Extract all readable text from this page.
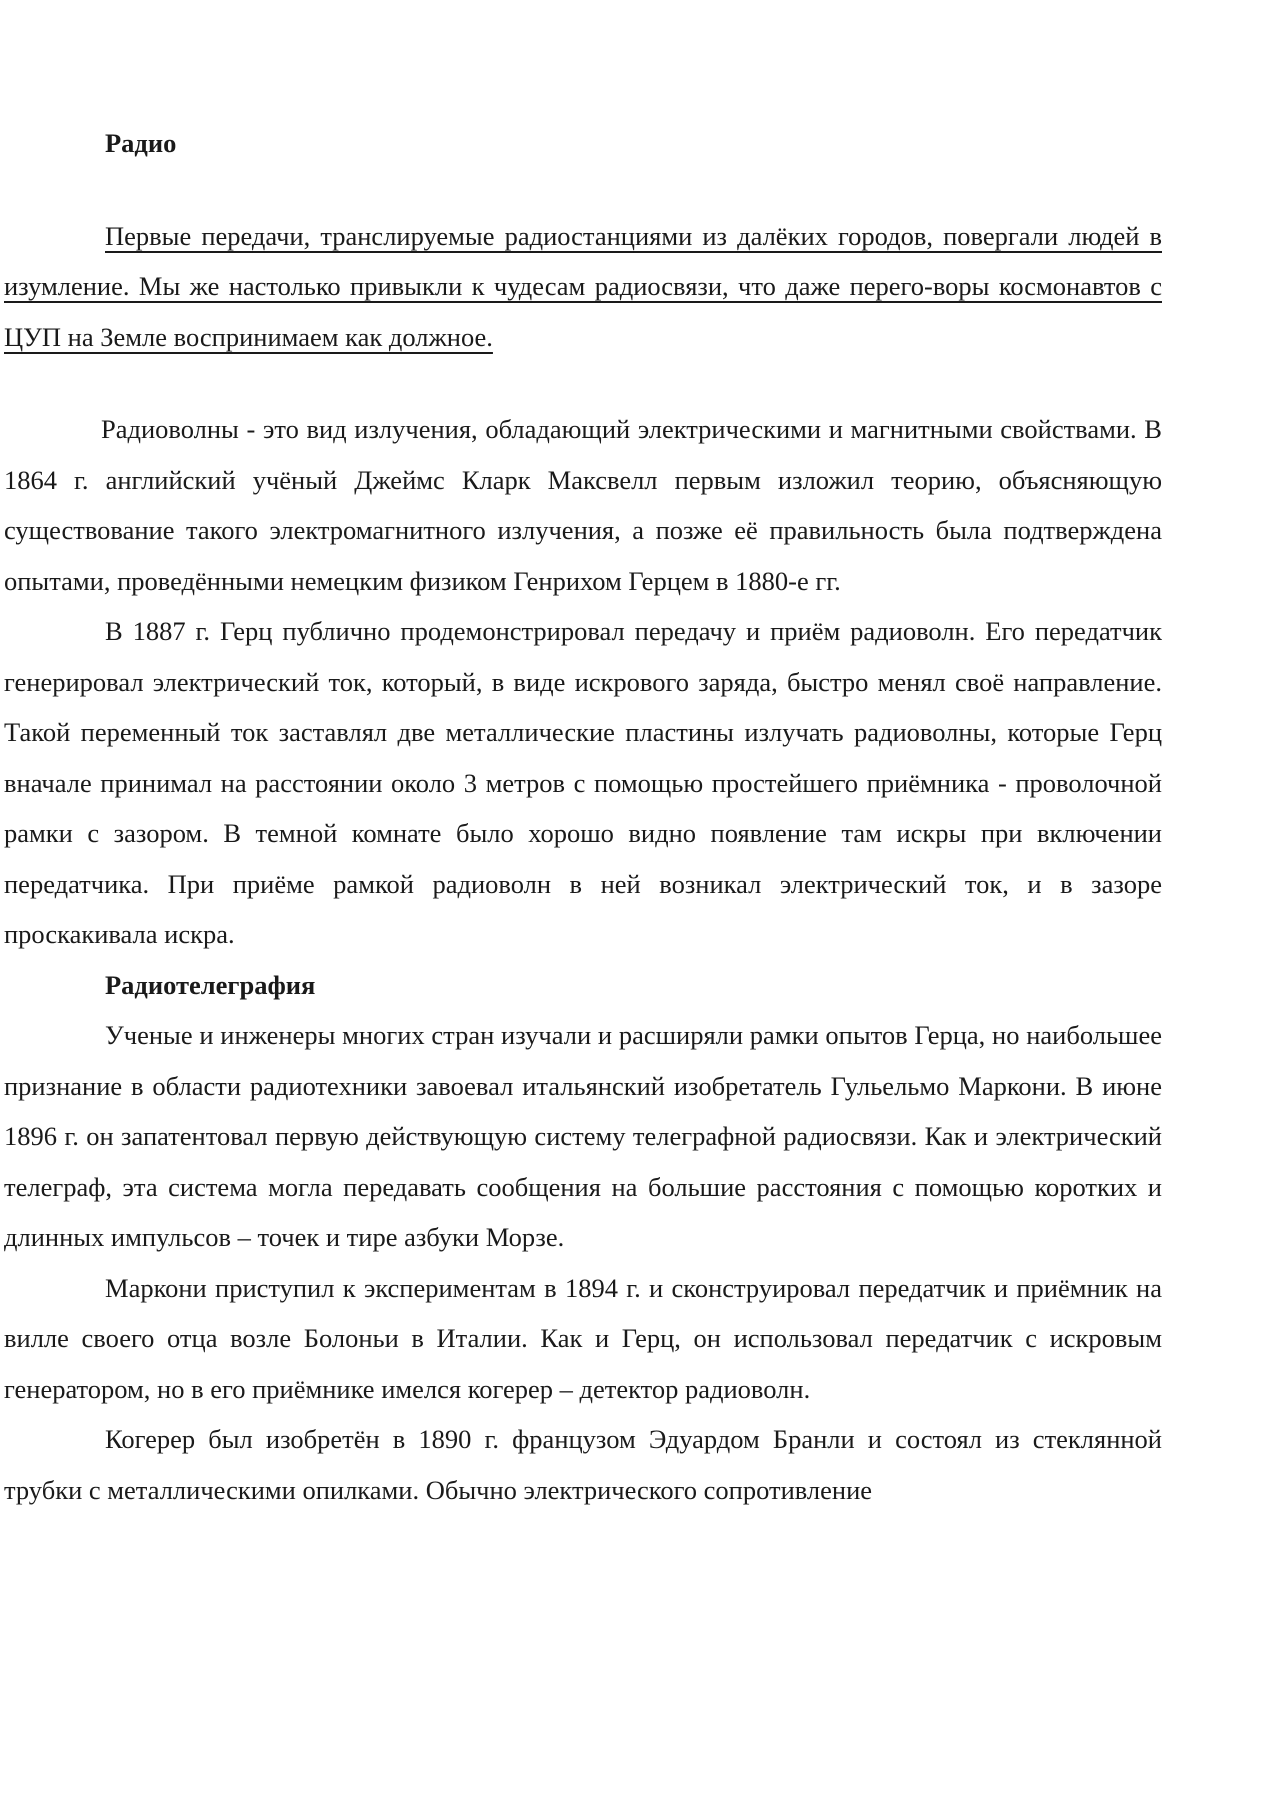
Радио

Первые передачи, транслируемые радиостанциями из далёких городов, повергали людей в изумление. Мы же настолько привыкли к чудесам радиосвязи, что даже перего-воры космонавтов с ЦУП на Земле воспринимаем как должное.

Радиоволны - это вид излучения, обладающий электрическими и магнитными свойствами. В 1864 г. английский учёный Джеймс Кларк Максвелл первым изложил теорию, объясняющую существование такого электромагнитного излучения, а позже её правильность была подтверждена опытами, проведёнными немецким физиком Генрихом Герцем в 1880-е гг.

В 1887 г. Герц публично продемонстрировал передачу и приём радиоволн. Его передатчик генерировал электрический ток, который, в виде искрового заряда, быстро менял своё направление. Такой переменный ток заставлял две металлические пластины излучать радиоволны, которые Герц вначале принимал на расстоянии около 3 метров с помощью простейшего приёмника - проволочной рамки с зазором. В темной комнате было хорошо видно появление там искры при включении передатчика. При приёме рамкой радиоволн в ней возникал электрический ток, и в зазоре проскакивала искра.

Радиотелеграфия

Ученые и инженеры многих стран изучали и расширяли рамки опытов Герца, но наибольшее признание в области радиотехники завоевал итальянский изобретатель Гульельмо Маркони. В июне 1896 г. он запатентовал первую действующую систему телеграфной радиосвязи. Как и электрический телеграф, эта система могла передавать сообщения на большие расстояния с помощью коротких и длинных импульсов – точек и тире азбуки Морзе.

Маркони приступил к экспериментам в 1894 г. и сконструировал передатчик и приёмник на вилле своего отца возле Болоньи в Италии. Как и Герц, он использовал передатчик с искровым генератором, но в его приёмнике имелся когерер – детектор радиоволн.

Когерер был изобретён в 1890 г. французом Эдуардом Бранли и состоял из стеклянной трубки с металлическими опилками. Обычно электрического сопротивление
